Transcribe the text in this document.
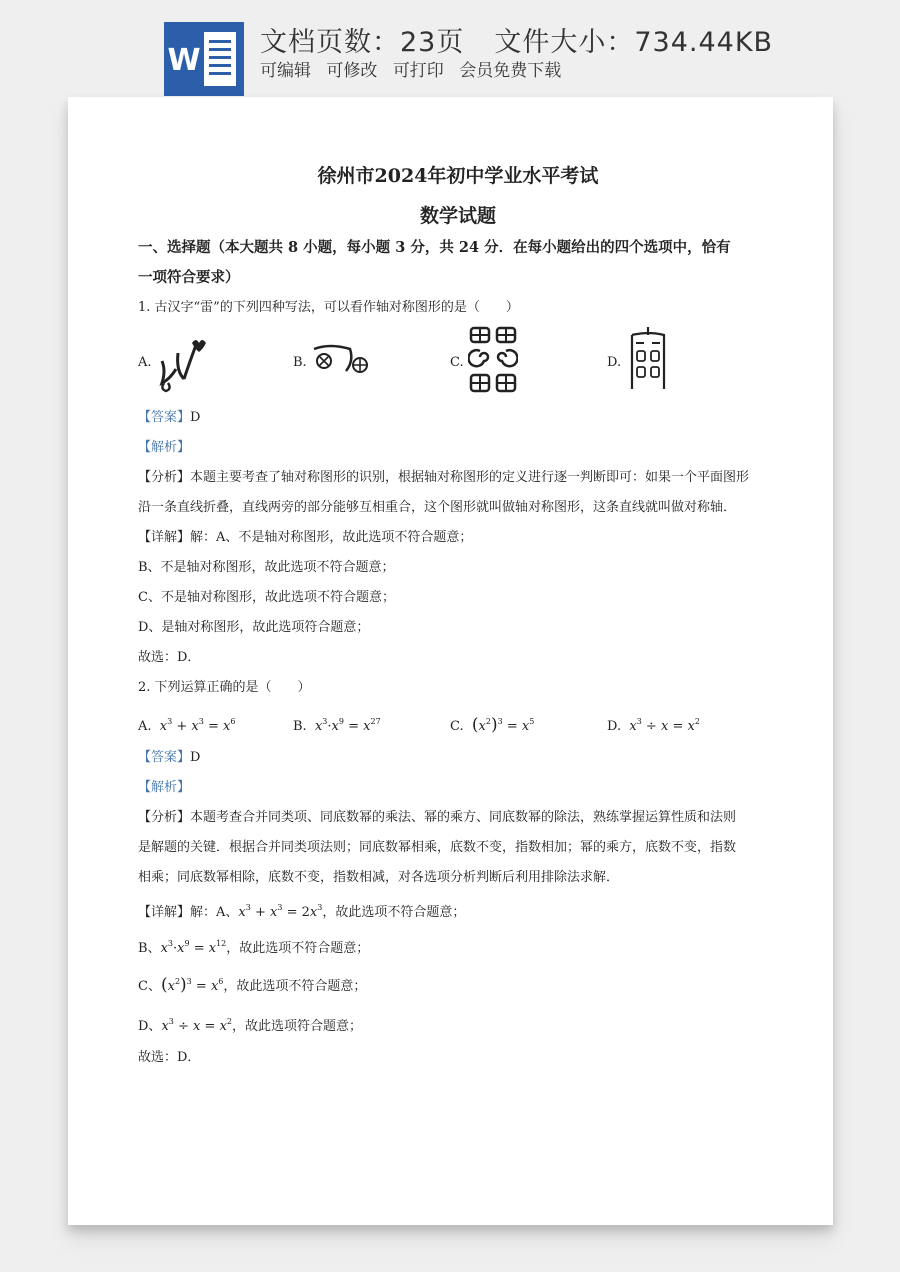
W
文档页数：23页 文件大小：734.44KB
可编辑 可修改 可打印 会员免费下载
徐州市2024年初中学业水平考试
数学试题
一、选择题（本大题共 8 小题，每小题 3 分，共 24 分．在每小题给出的四个选项中，恰有
一项符合要求）
1. 古汉字“雷”的下列四种写法，可以看作轴对称图形的是（　　）
A.	B.	C.	D.
【答案】D
【解析】
【分析】本题主要考查了轴对称图形的识别，根据轴对称图形的定义进行逐一判断即可：如果一个平面图形
沿一条直线折叠，直线两旁的部分能够互相重合，这个图形就叫做轴对称图形，这条直线就叫做对称轴．
【详解】解：A、不是轴对称图形，故此选项不符合题意；
B、不是轴对称图形，故此选项不符合题意；
C、不是轴对称图形，故此选项不符合题意；
D、是轴对称图形，故此选项符合题意；
故选：D．
2. 下列运算正确的是（　　）
A.  $x^3 + x^3 = x^6$	B.  $x^3\cdot x^9 = x^{27}$	C.  $(x^2)^3 = x^5$	D.  $x^3 \div x = x^2$
【答案】D
【解析】
【分析】本题考查合并同类项、同底数幂的乘法、幂的乘方、同底数幂的除法，熟练掌握运算性质和法则
是解题的关键．根据合并同类项法则；同底数幂相乘，底数不变，指数相加；幂的乘方，底数不变，指数
相乘；同底数幂相除，底数不变，指数相减，对各选项分析判断后利用排除法求解．
【详解】解：A、$x^3 + x^3 = 2x^3$，故此选项不符合题意；
B、$x^3\cdot x^9 = x^{12}$，故此选项不符合题意；
C、$(x^2)^3 = x^6$，故此选项不符合题意；
D、$x^3 \div x = x^2$，故此选项符合题意；
故选：D．
